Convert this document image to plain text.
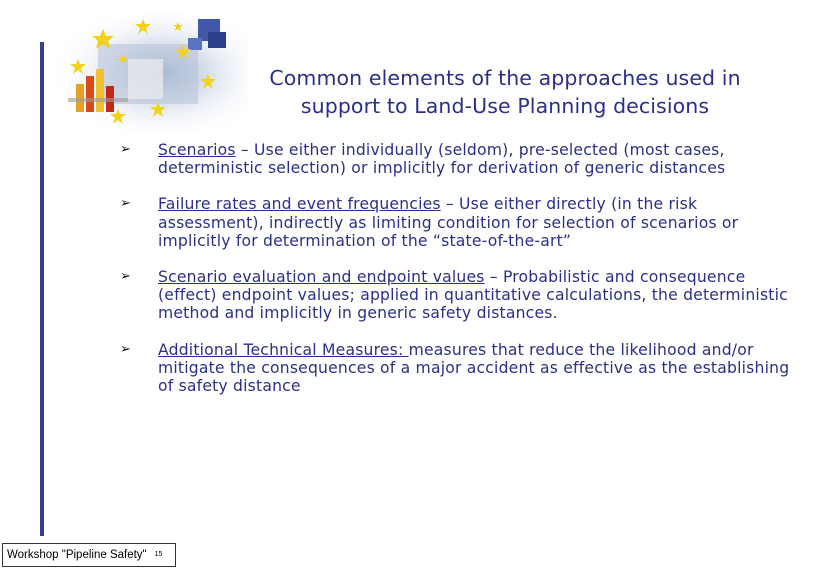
Common elements of the approaches used in
support to Land-Use Planning decisions
➢	Scenarios – Use either individually (seldom), pre-selected (most cases, deterministic selection) or implicitly for derivation of generic distances
➢	Failure rates and event frequencies – Use either directly (in the risk assessment), indirectly as limiting condition for selection of scenarios or implicitly for determination of the “state-of-the-art”
➢	Scenario evaluation and endpoint values – Probabilistic and consequence (effect) endpoint values; applied in quantitative calculations, the deterministic method and implicitly in generic safety distances.
➢	Additional Technical Measures: measures that reduce the likelihood and/or mitigate the consequences of a major accident as effective as the establishing of safety distance
Workshop "Pipeline Safety" 15
